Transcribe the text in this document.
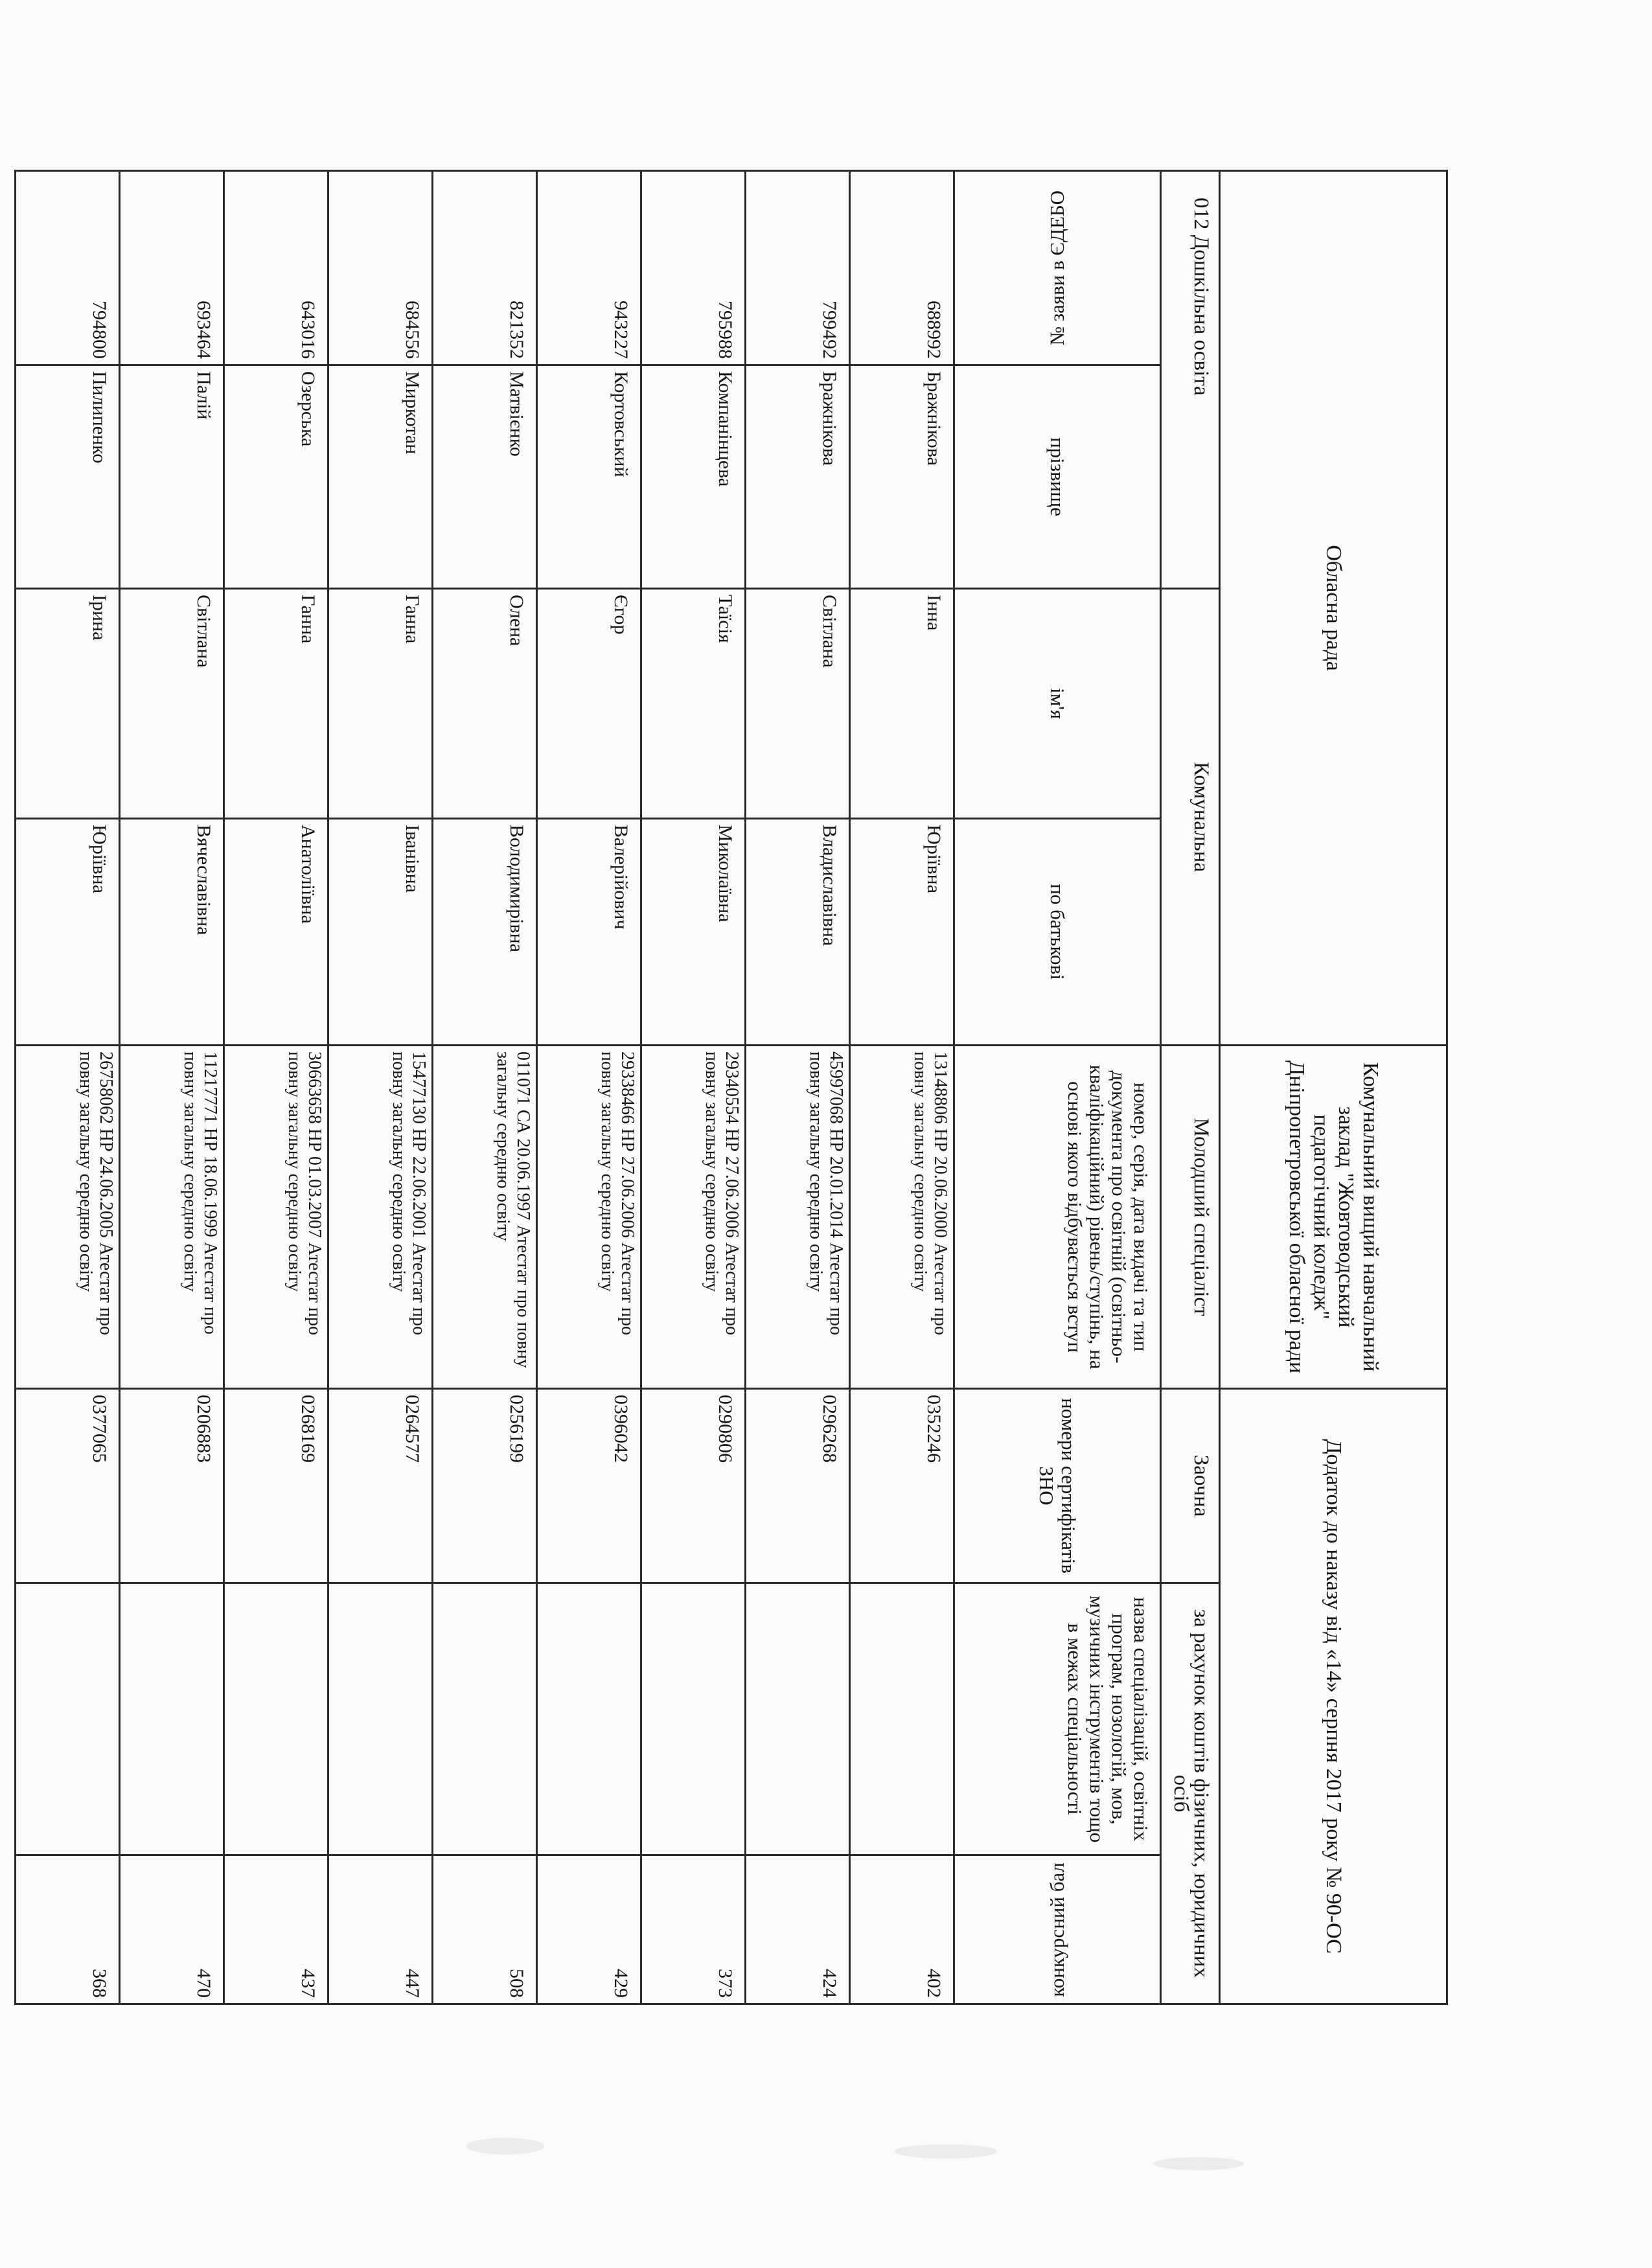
Обласна рада				Комунальний вищий навчальний заклад "Жовтоводський педагогічний коледж" Дніпропетровської обласної ради	Додаток до наказу від «14» серпня 2017 року № 90-ОС		
012 Дошкільна освіта		Комунальна		Молодший спеціаліст	Заочна	за рахунок коштів фізичних, юридичних осіб	
№ заяви в ЄДЕБО	прізвище	ім'я	по батькові	номер, серія, дата видачі та тип документа про освітній (освітньо-кваліфікаційний) рівень/ступінь, на основі якого відбувається вступ	номери сертифікатів ЗНО	назва спеціалізацій, освітніх програм, нозологій, мов, музичних інструментів тощо в межах спеціальності	конкурсний бал
688992	Бражнікова	Інна	Юріївна	13148806 НР 20.06.2000 Атестат про повну загальну середню освіту	0352246		402
799492	Бражнікова	Світлана	Владиславівна	45997068 НР 20.01.2014 Атестат про повну загальну середню освіту	0296268		424
795988	Компанінцева	Таїсія	Миколаївна	29340554 НР 27.06.2006 Атестат про повну загальну середню освіту	0290806		373
943227	Кортовський	Єгор	Валерійович	29338466 НР 27.06.2006 Атестат про повну загальну середню освіту	0396042		429
821352	Матвієнко	Олена	Володимирівна	011071 СА 20.06.1997 Атестат про повну загальну середню освіту	0256199		508
684556	Миркотан	Ганна	Іванівна	15477130 НР 22.06.2001 Атестат про повну загальну середню освіту	0264577		447
643016	Озерська	Ганна	Анатоліївна	30663658 НР 01.03.2007 Атестат про повну загальну середню освіту	0268169		437
693464	Палій	Світлана	Вячеславівна	11217771 НР 18.06.1999 Атестат про повну загальну середню освіту	0206883		470
794800	Пилипенко	Ірина	Юріївна	26758062 НР 24.06.2005 Атестат про повну загальну середню освіту	0377065		368
